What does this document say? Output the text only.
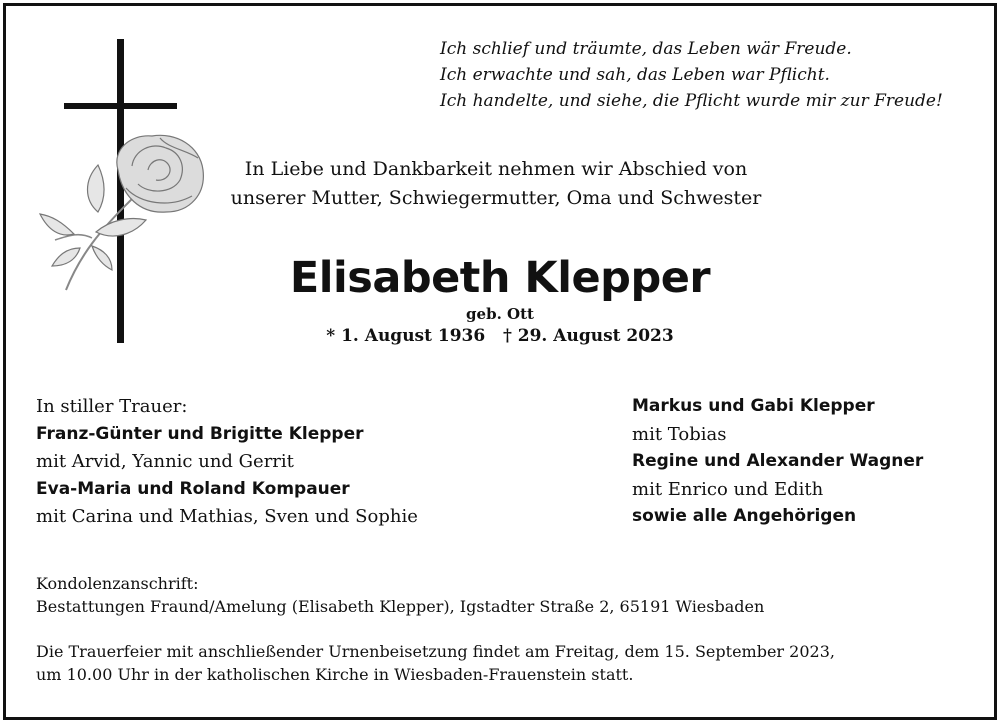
Ich schlief und träumte, das Leben wär Freude.
Ich erwachte und sah, das Leben war Pflicht.
Ich handelte, und siehe, die Pflicht wurde mir zur Freude!
In Liebe und Dankbarkeit nehmen wir Abschied von
unserer Mutter, Schwiegermutter, Oma und Schwester
Elisabeth Klepper
geb. Ott
* 1. August 1936   † 29. August 2023
In stiller Trauer:
Franz-Günter und Brigitte Klepper
mit Arvid, Yannic und Gerrit
Eva-Maria und Roland Kompauer
mit Carina und Mathias, Sven und Sophie
Markus und Gabi Klepper
mit Tobias
Regine und Alexander Wagner
mit Enrico und Edith
sowie alle Angehörigen
Kondolenzanschrift:
Bestattungen Fraund/Amelung (Elisabeth Klepper), Igstadter Straße 2, 65191 Wiesbaden
Die Trauerfeier mit anschließender Urnenbeisetzung findet am Freitag, dem 15. September 2023,
um 10.00 Uhr in der katholischen Kirche in Wiesbaden-Frauenstein statt.
